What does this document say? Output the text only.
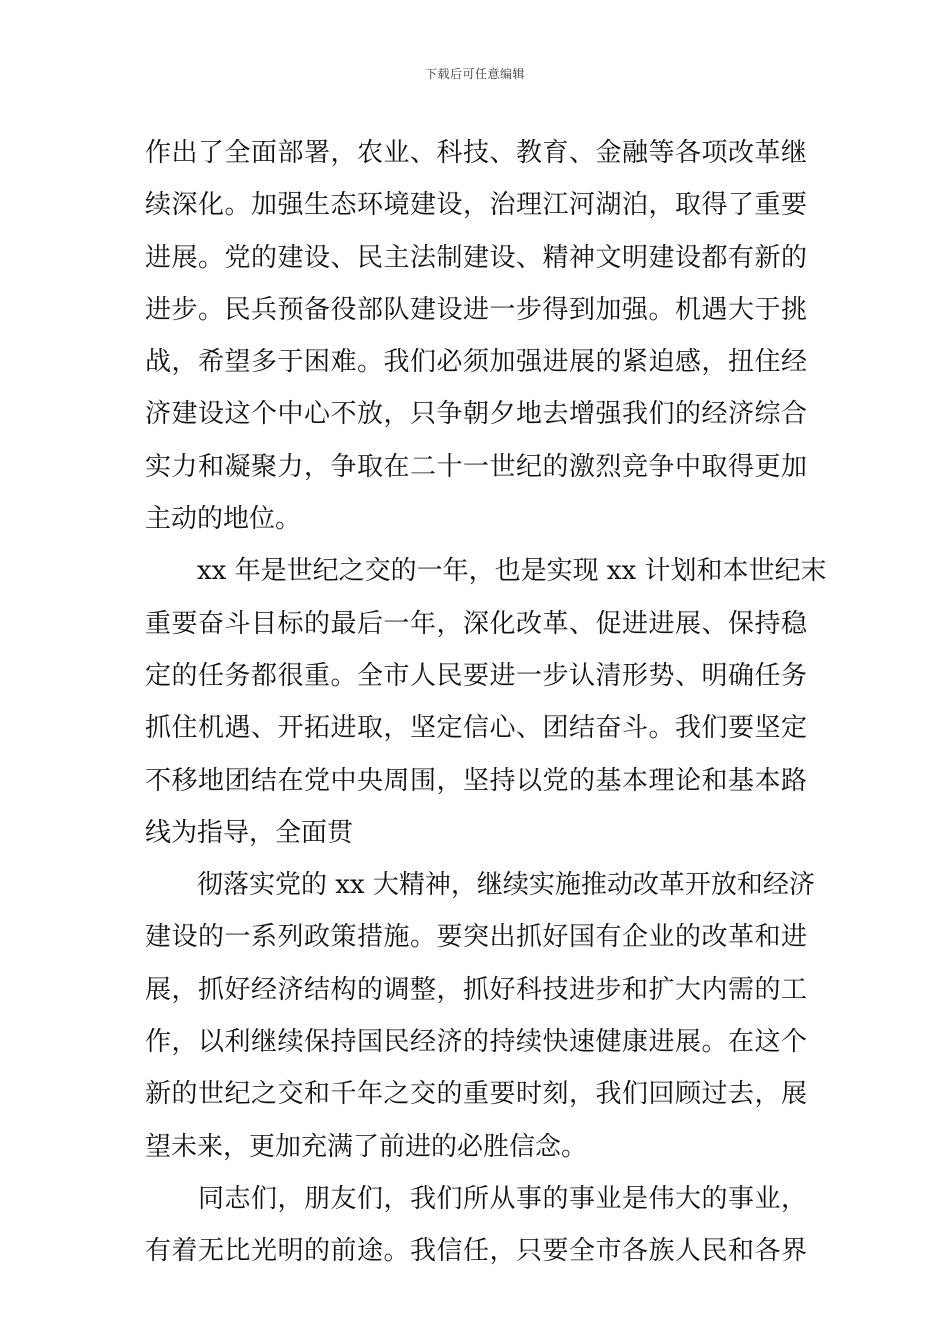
下载后可任意编辑
作出了全面部署，农业、科技、教育、金融等各项改革继
续深化。加强生态环境建设，治理江河湖泊，取得了重要
进展。党的建设、民主法制建设、精神文明建设都有新的
进步。民兵预备役部队建设进一步得到加强。机遇大于挑
战，希望多于困难。我们必须加强进展的紧迫感，扭住经
济建设这个中心不放，只争朝夕地去增强我们的经济综合
实力和凝聚力，争取在二十一世纪的激烈竞争中取得更加
主动的地位。
　　xx 年是世纪之交的一年，也是实现 xx 计划和本世纪末
重要奋斗目标的最后一年，深化改革、促进进展、保持稳
定的任务都很重。全市人民要进一步认清形势、明确任务
抓住机遇、开拓进取，坚定信心、团结奋斗。我们要坚定
不移地团结在党中央周围，坚持以党的基本理论和基本路
线为指导，全面贯
　　彻落实党的 xx 大精神，继续实施推动改革开放和经济
建设的一系列政策措施。要突出抓好国有企业的改革和进
展，抓好经济结构的调整，抓好科技进步和扩大内需的工
作，以利继续保持国民经济的持续快速健康进展。在这个
新的世纪之交和千年之交的重要时刻，我们回顾过去，展
望未来，更加充满了前进的必胜信念。
　　同志们，朋友们，我们所从事的事业是伟大的事业，
有着无比光明的前途。我信任，只要全市各族人民和各界
